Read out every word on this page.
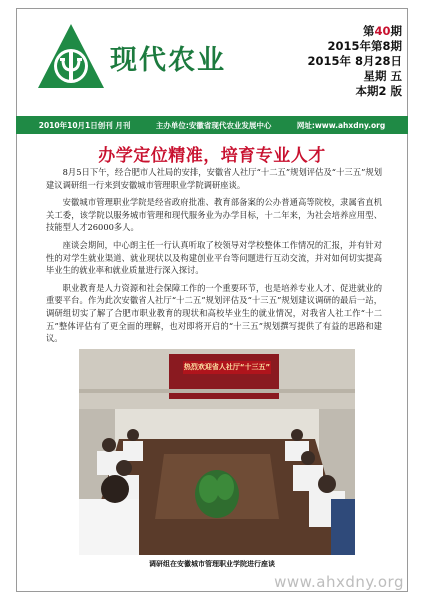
现代农业
第40期
2015年第8期
2015年 8月28日
星期 五
本期2 版
2010年10月1日创刊 月刊	主办单位:安徽省现代农业发展中心	网址:www.ahxdny.org
办学定位精准，培育专业人才

8月5日下午，经合肥市人社局的安排，安徽省人社厅“十二五”规划评估及“十三五”规划建议调研组一行来到安徽城市管理职业学院调研座谈。

安徽城市管理职业学院是经省政府批准、教育部备案的公办普通高等院校，隶属省直机关工委，该学院以服务城市管理和现代服务业为办学目标，十二年来，为社会培养应用型、技能型人才26000多人。

座谈会期间，中心朗主任一行认真听取了校领导对学校整体工作情况的汇报，并有针对性的对学生就业渠道、就业现状以及构建创业平台等问题进行互动交流，并对如何切实提高毕业生的就业率和就业质量进行深入探讨。

职业教育是人力资源和社会保障工作的一个重要环节，也是培养专业人才、促进就业的重要平台。作为此次安徽省人社厅“十二五”规划评估及“十三五”规划建议调研的最后一站，调研组切实了解了合肥市职业教育的现状和高校毕业生的就业情况，对我省人社工作“十二五”整体评估有了更全面的理解，也对即将开启的“十三五”规划撰写提供了有益的思路和建议。

热烈欢迎省人社厅“十三五”
调研组在安徽城市管理职业学院进行座谈
www.ahxdny.org
